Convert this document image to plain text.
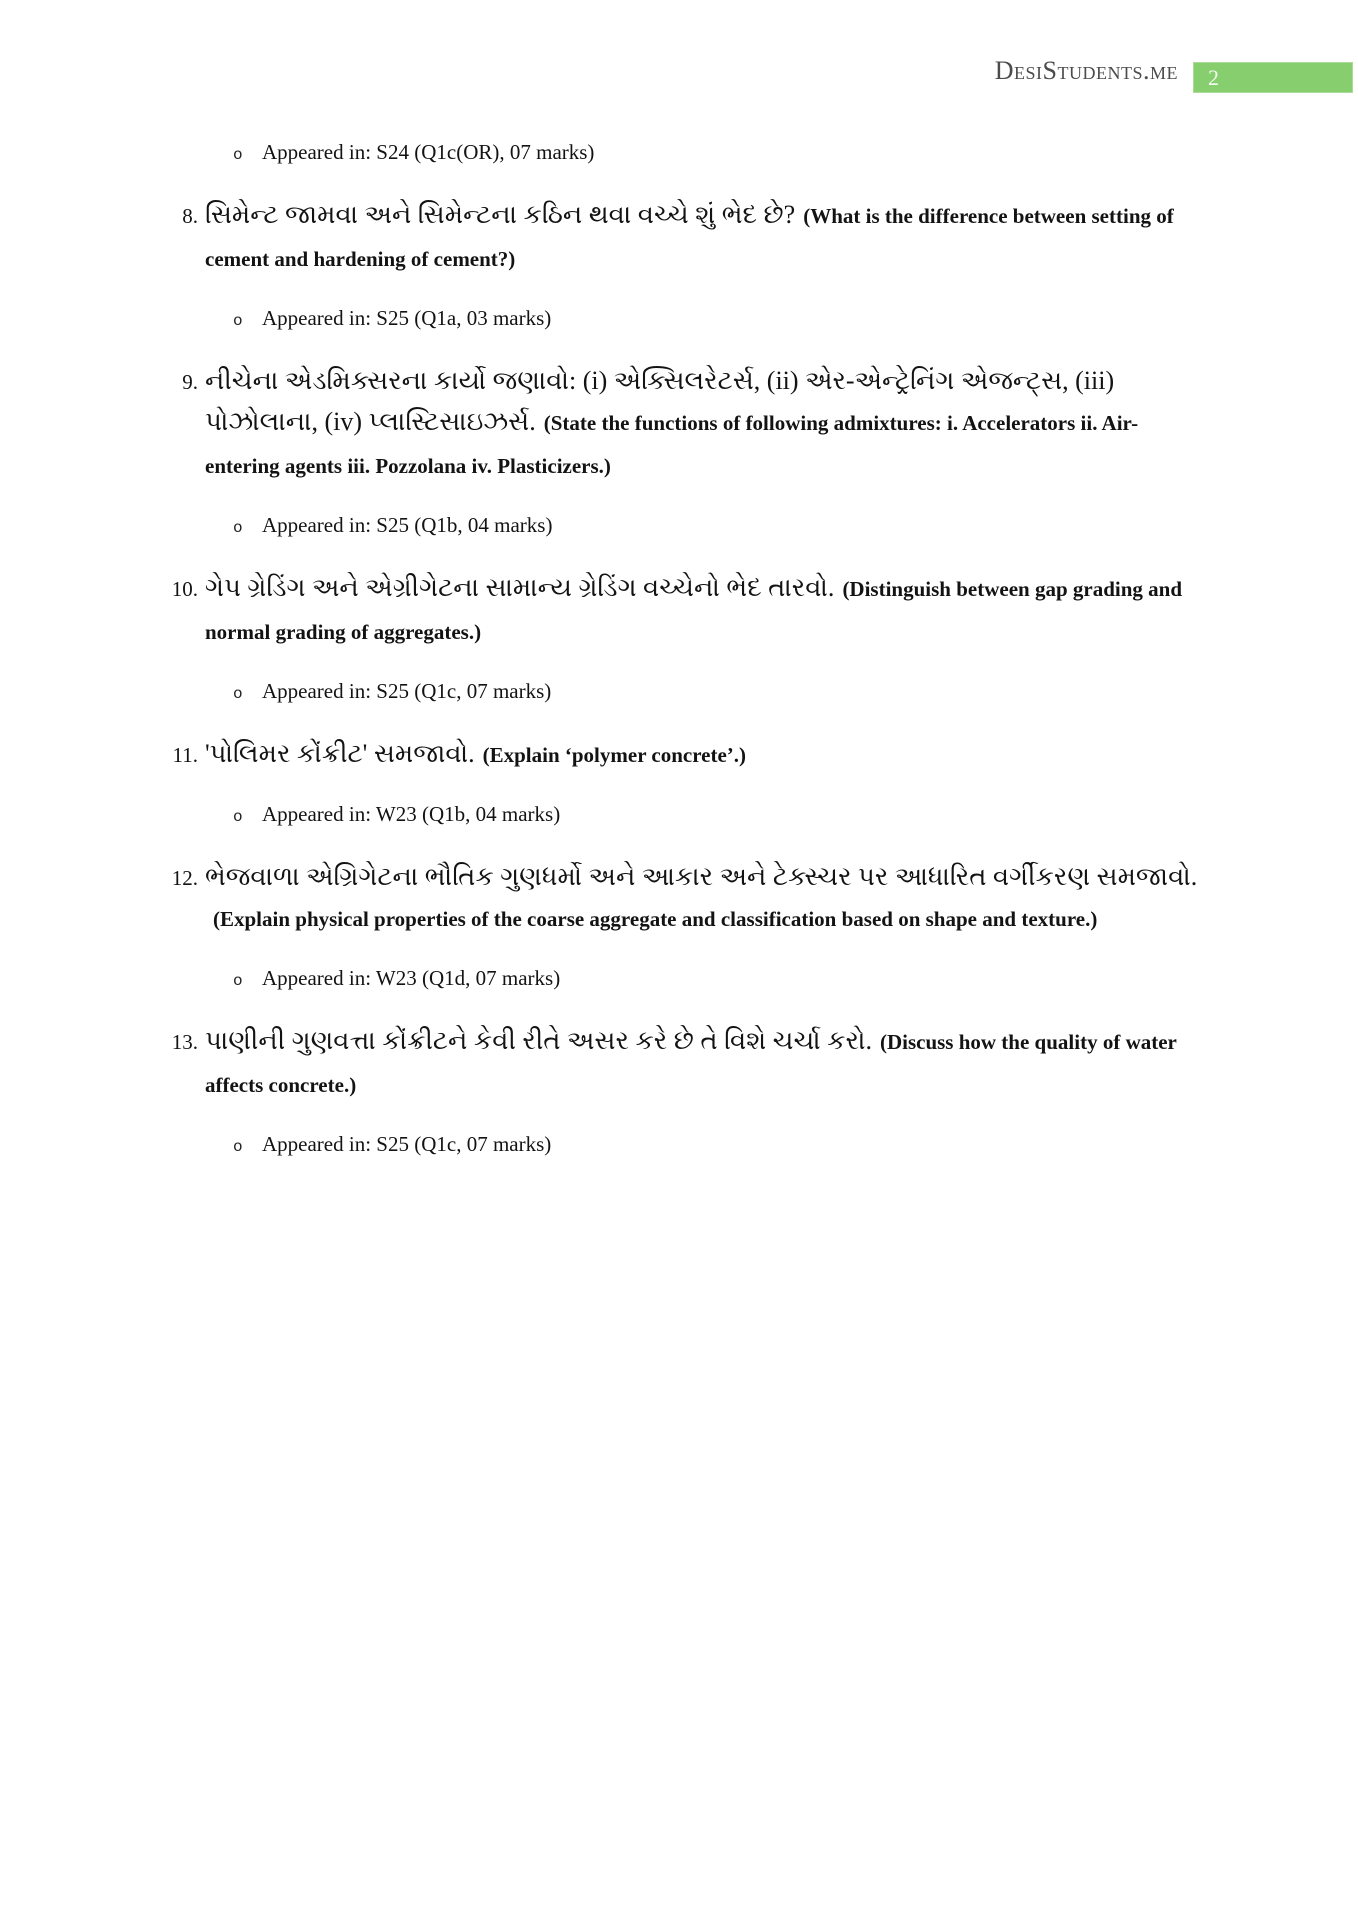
DesiStudents.me	2
o Appeared in: S24 (Q1c(OR), 07 marks)
8. સિમેન્ટ જામવા અને સિમેન્ટના કઠિન થવા વચ્ચે શું ભેદ છે? (What is the difference between setting of cement and hardening of cement?)
o Appeared in: S25 (Q1a, 03 marks)
9. નીચેના એડમિક્સરના કાર્યો જણાવો: (i) એક્સિલરેટર્સ, (ii) એર-એન્ટ્રેનિંગ એજન્ટ્સ, (iii) પોઝોલાના, (iv) પ્લાસ્ટિસાઇઝર્સ. (State the functions of following admixtures: i. Accelerators ii. Air-entering agents iii. Pozzolana iv. Plasticizers.)
o Appeared in: S25 (Q1b, 04 marks)
10. ગેપ ગ્રેડિંગ અને એગ્રીગેટના સામાન્ય ગ્રેડિંગ વચ્ચેનો ભેદ તારવો. (Distinguish between gap grading and normal grading of aggregates.)
o Appeared in: S25 (Q1c, 07 marks)
11. 'પોલિમર કોંક્રીટ' સમજાવો. (Explain ‘polymer concrete’.)
o Appeared in: W23 (Q1b, 04 marks)
12. ભેજવાળા એગ્રિગેટના ભૌતિક ગુણધર્મો અને આકાર અને ટેક્સ્ચર પર આધારિત વર્ગીકરણ સમજાવો.(Explain physical properties of the coarse aggregate and classification based on shape and texture.)
o Appeared in: W23 (Q1d, 07 marks)
13. પાણીની ગુણવત્તા કોંક્રીટને કેવી રીતે અસર કરે છે તે વિશે ચર્ચા કરો. (Discuss how the quality of water affects concrete.)
o Appeared in: S25 (Q1c, 07 marks)
